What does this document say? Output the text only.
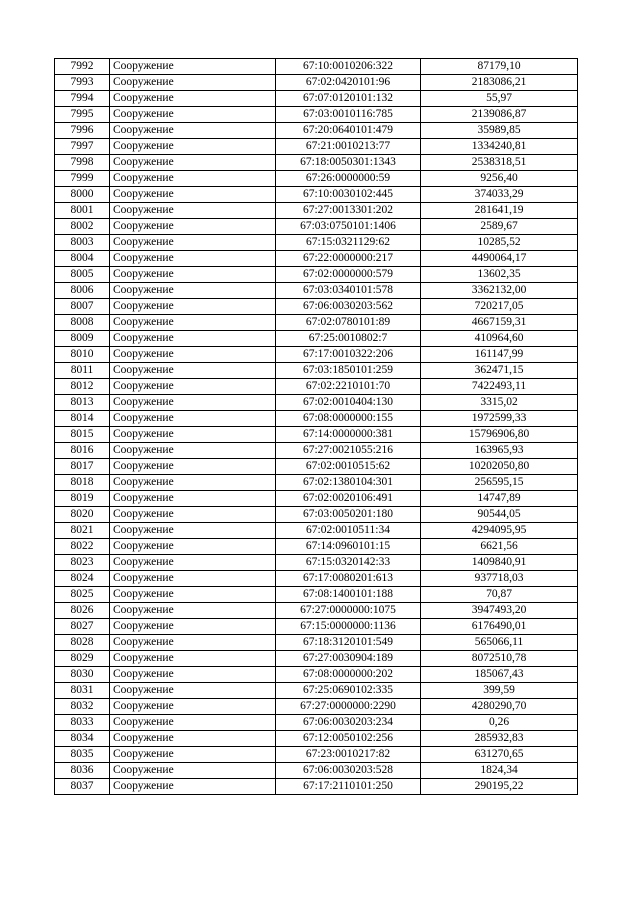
7992	Сооружение	67:10:0010206:322	87179,10
7993	Сооружение	67:02:0420101:96	2183086,21
7994	Сооружение	67:07:0120101:132	55,97
7995	Сооружение	67:03:0010116:785	2139086,87
7996	Сооружение	67:20:0640101:479	35989,85
7997	Сооружение	67:21:0010213:77	1334240,81
7998	Сооружение	67:18:0050301:1343	2538318,51
7999	Сооружение	67:26:0000000:59	9256,40
8000	Сооружение	67:10:0030102:445	374033,29
8001	Сооружение	67:27:0013301:202	281641,19
8002	Сооружение	67:03:0750101:1406	2589,67
8003	Сооружение	67:15:0321129:62	10285,52
8004	Сооружение	67:22:0000000:217	4490064,17
8005	Сооружение	67:02:0000000:579	13602,35
8006	Сооружение	67:03:0340101:578	3362132,00
8007	Сооружение	67:06:0030203:562	720217,05
8008	Сооружение	67:02:0780101:89	4667159,31
8009	Сооружение	67:25:0010802:7	410964,60
8010	Сооружение	67:17:0010322:206	161147,99
8011	Сооружение	67:03:1850101:259	362471,15
8012	Сооружение	67:02:2210101:70	7422493,11
8013	Сооружение	67:02:0010404:130	3315,02
8014	Сооружение	67:08:0000000:155	1972599,33
8015	Сооружение	67:14:0000000:381	15796906,80
8016	Сооружение	67:27:0021055:216	163965,93
8017	Сооружение	67:02:0010515:62	10202050,80
8018	Сооружение	67:02:1380104:301	256595,15
8019	Сооружение	67:02:0020106:491	14747,89
8020	Сооружение	67:03:0050201:180	90544,05
8021	Сооружение	67:02:0010511:34	4294095,95
8022	Сооружение	67:14:0960101:15	6621,56
8023	Сооружение	67:15:0320142:33	1409840,91
8024	Сооружение	67:17:0080201:613	937718,03
8025	Сооружение	67:08:1400101:188	70,87
8026	Сооружение	67:27:0000000:1075	3947493,20
8027	Сооружение	67:15:0000000:1136	6176490,01
8028	Сооружение	67:18:3120101:549	565066,11
8029	Сооружение	67:27:0030904:189	8072510,78
8030	Сооружение	67:08:0000000:202	185067,43
8031	Сооружение	67:25:0690102:335	399,59
8032	Сооружение	67:27:0000000:2290	4280290,70
8033	Сооружение	67:06:0030203:234	0,26
8034	Сооружение	67:12:0050102:256	285932,83
8035	Сооружение	67:23:0010217:82	631270,65
8036	Сооружение	67:06:0030203:528	1824,34
8037	Сооружение	67:17:2110101:250	290195,22
